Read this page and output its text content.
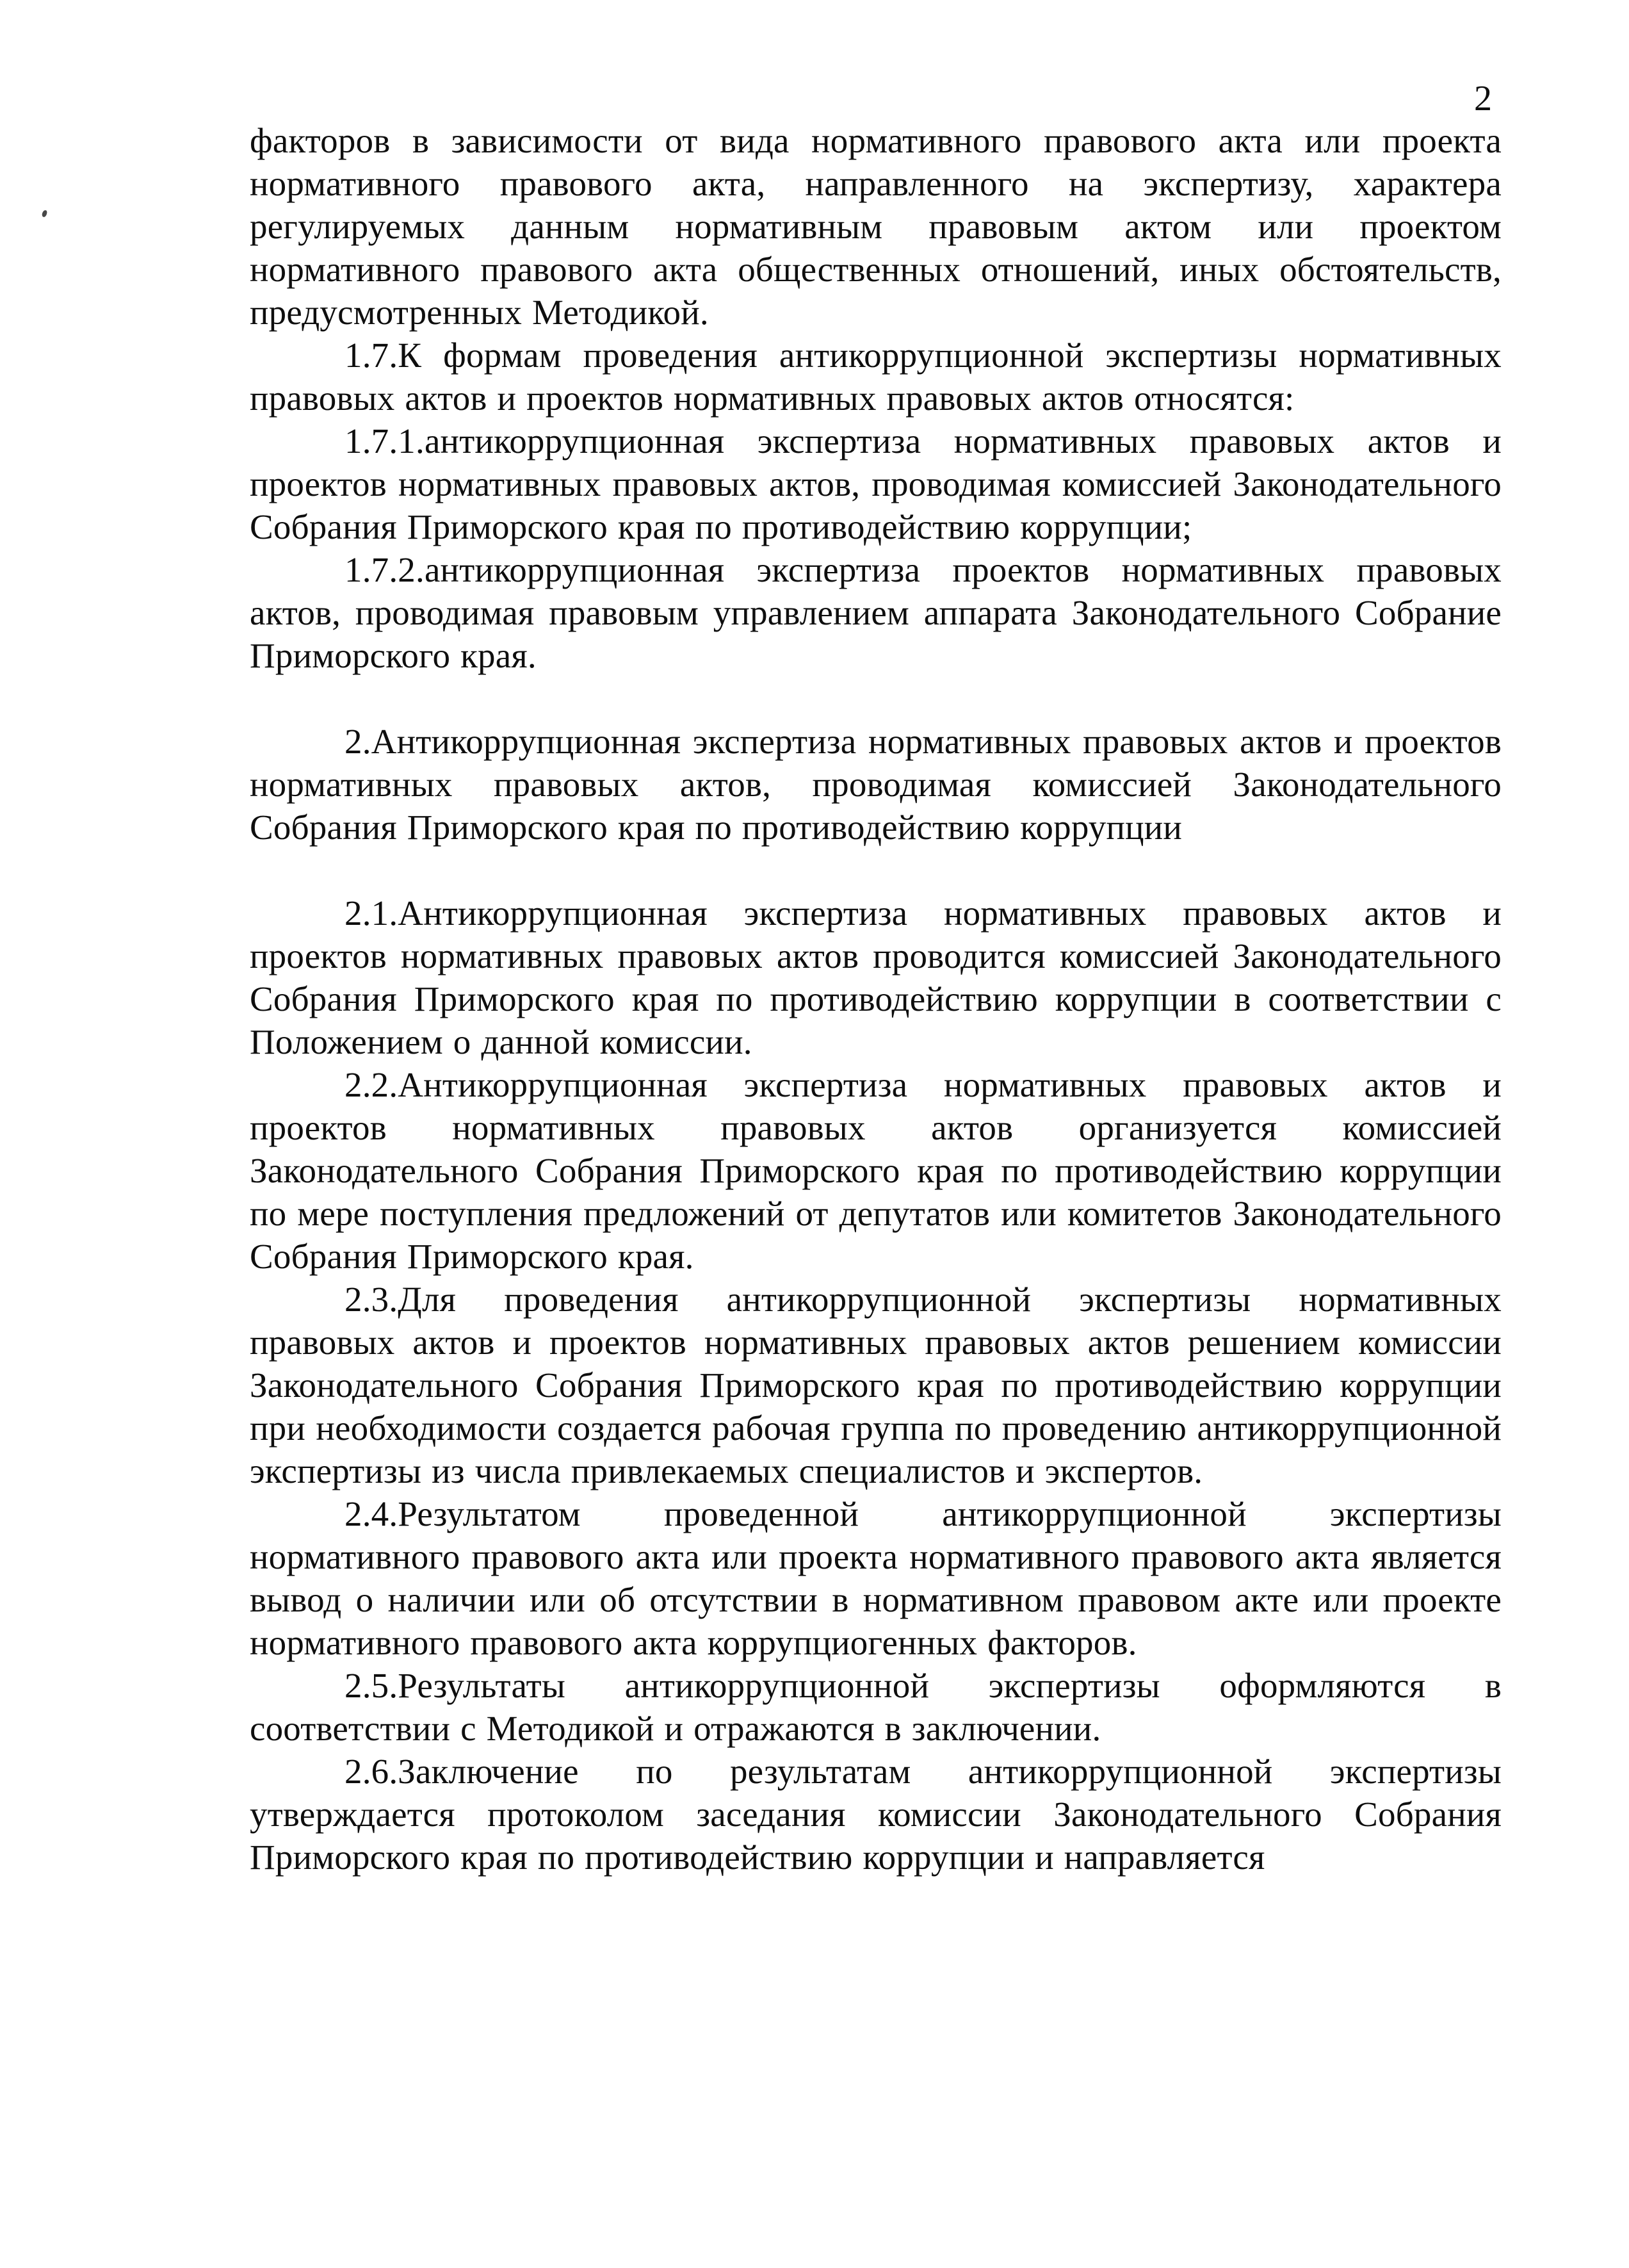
2

факторов в зависимости от вида нормативного правового акта или проекта нормативного правового акта, направленного на экспертизу, характера регулируемых данным нормативным правовым актом или проектом нормативного правового акта общественных отношений, иных обстоятельств, предусмотренных Методикой.

1.7.К формам проведения антикоррупционной экспертизы нормативных правовых актов и проектов нормативных правовых актов относятся:

1.7.1.антикоррупционная экспертиза нормативных правовых актов и проектов нормативных правовых актов, проводимая комиссией Законодательного Собрания Приморского края по противодействию коррупции;

1.7.2.антикоррупционная экспертиза проектов нормативных правовых актов, проводимая правовым управлением аппарата Законодательного Собрание Приморского края.

2.Антикоррупционная экспертиза нормативных правовых актов и проектов нормативных правовых актов, проводимая комиссией Законодательного Собрания Приморского края по противодействию коррупции

2.1.Антикоррупционная экспертиза нормативных правовых актов и проектов нормативных правовых актов проводится комиссией Законодательного Собрания Приморского края по противодействию коррупции в соответствии с Положением о данной комиссии.

2.2.Антикоррупционная экспертиза нормативных правовых актов и проектов нормативных правовых актов организуется комиссией Законодательного Собрания Приморского края по противодействию коррупции по мере поступления предложений от депутатов или комитетов Законодательного Собрания Приморского края.

2.3.Для проведения антикоррупционной экспертизы нормативных правовых актов и проектов нормативных правовых актов решением комиссии Законодательного Собрания Приморского края по противодействию коррупции при необходимости создается рабочая группа по проведению антикоррупционной экспертизы из числа привлекаемых специалистов и экспертов.

2.4.Результатом проведенной антикоррупционной экспертизы нормативного правового акта или проекта нормативного правового акта является вывод о наличии или об отсутствии в нормативном правовом акте или проекте нормативного правового акта коррупциогенных факторов.

2.5.Результаты антикоррупционной экспертизы оформляются в соответствии с Методикой и отражаются в заключении.

2.6.Заключение по результатам антикоррупционной экспертизы утверждается протоколом заседания комиссии Законодательного Собрания Приморского края по противодействию коррупции и направляется
